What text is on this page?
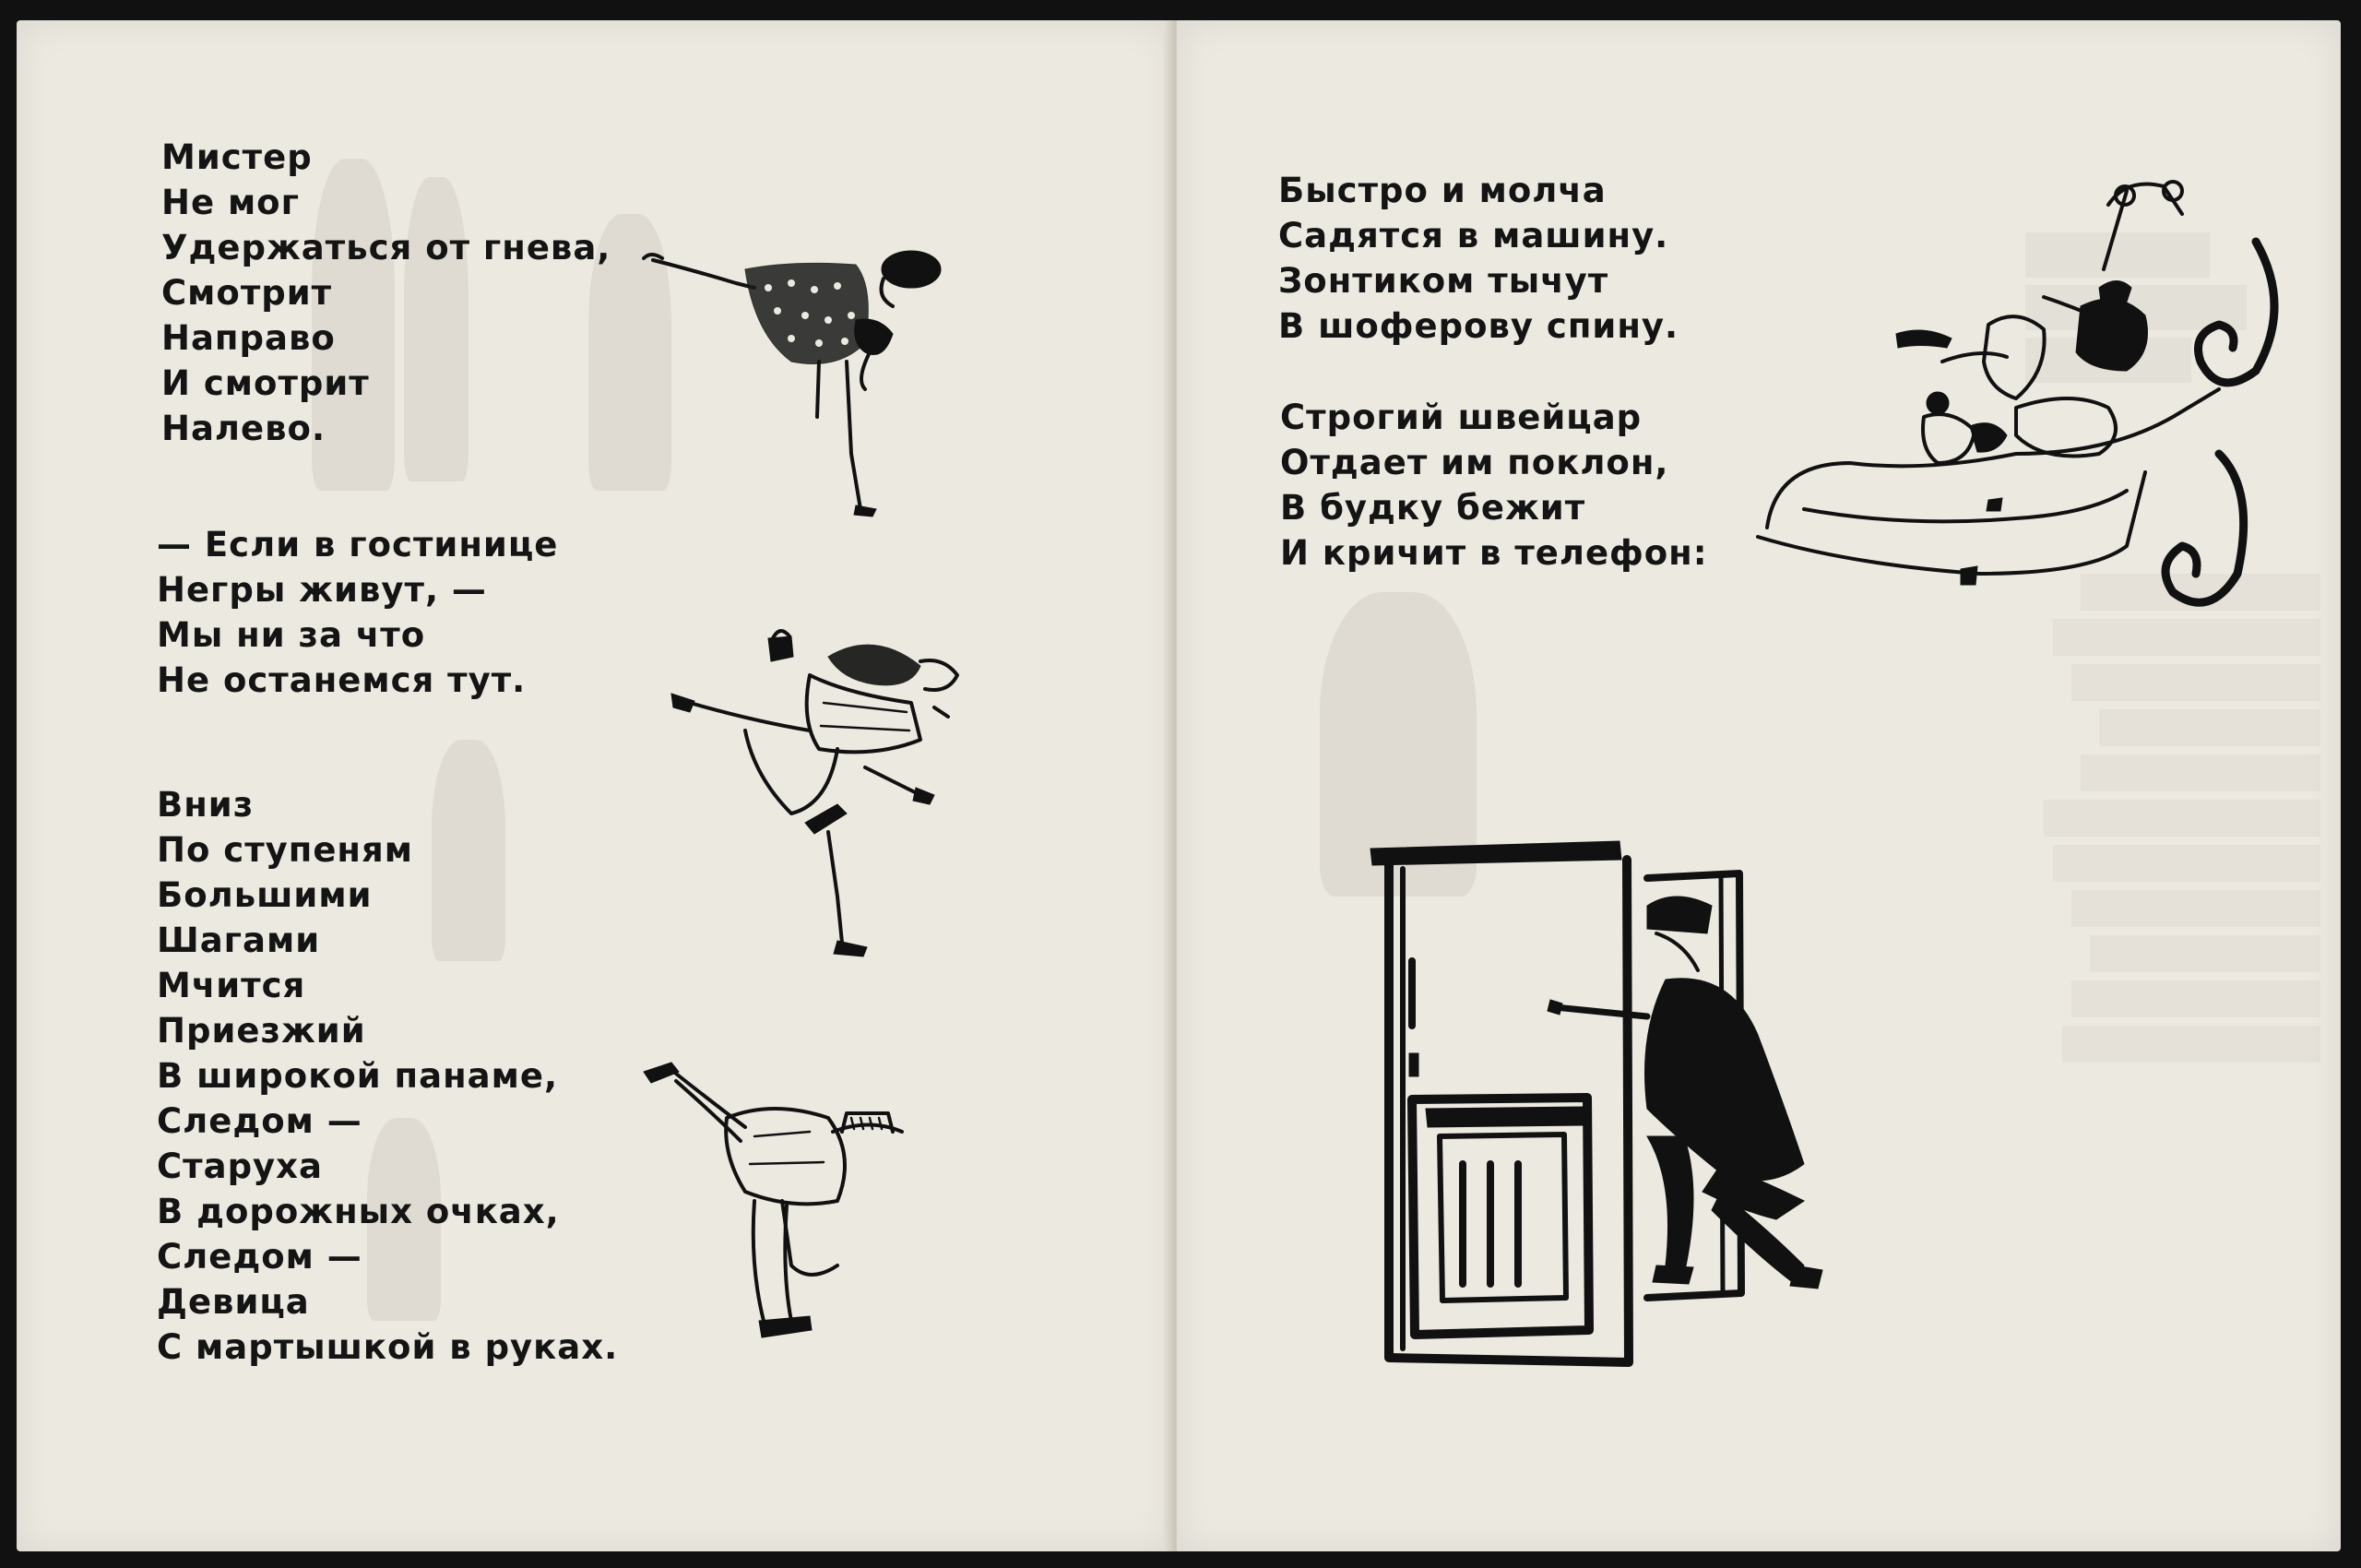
Мистер
Не мог
Удержаться от гнева,
Смотрит
Направо
И смотрит
Налево.
— Если в гостинице
Негры живут, —
Мы ни за что
Не останемся тут.
Вниз
По ступеням
Большими
Шагами
Мчится
Приезжий
В широкой панаме,
Следом —
Старуха
В дорожных очках,
Следом —
Девица
С мартышкой в руках.
Быстро и молча
Садятся в машину.
Зонтиком тычут
В шоферову спину.
Строгий швейцар
Отдает им поклон,
В будку бежит
И кричит в телефон:
